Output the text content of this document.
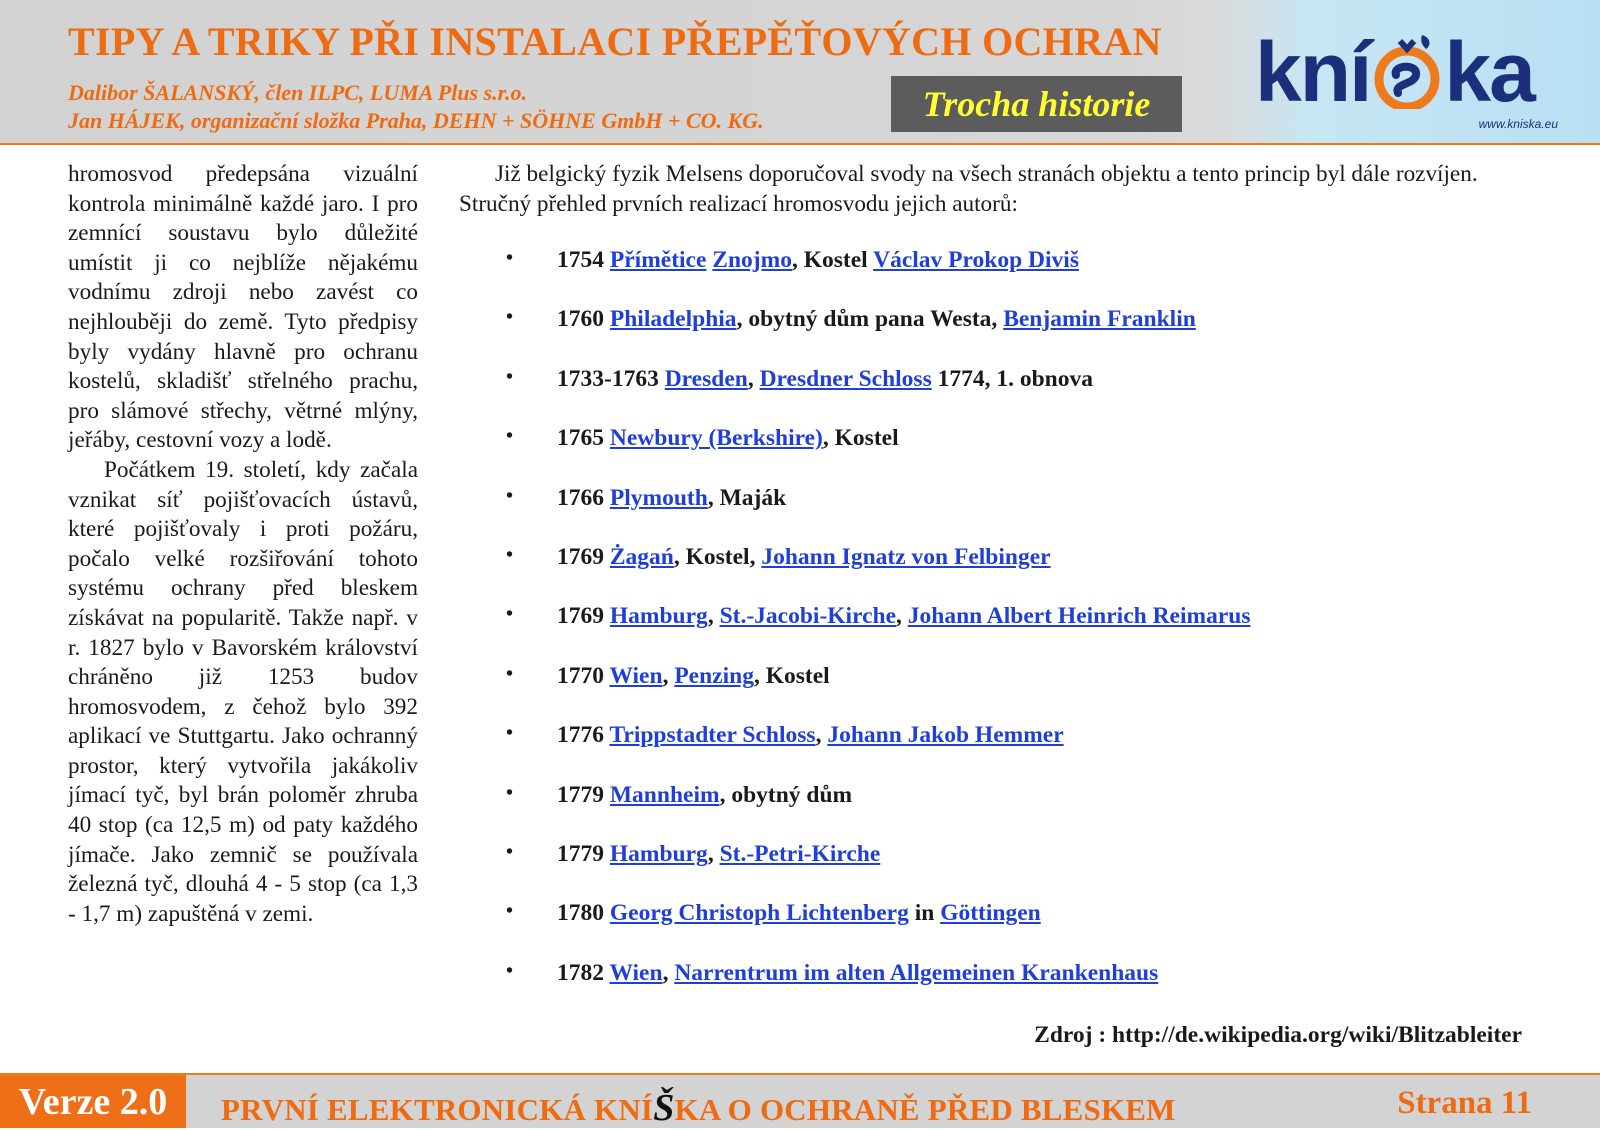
TIPY A TRIKY PŘI INSTALACI PŘEPĚŤOVÝCH OCHRAN
Dalibor ŠALANSKÝ, člen ILPC, LUMA Plus s.r.o.
Jan HÁJEK, organizační složka Praha, DEHN + SÖHNE GmbH + CO. KG.	Trocha historie	kní ka
www.kniska.eu

hromosvod předepsána vizuální kontrola minimálně každé jaro. I pro zemnící soustavu bylo důležité umístit ji co nejblíže nějakému vodnímu zdroji nebo zavést co nejhlouběji do země. Tyto předpisy byly vydány hlavně pro ochranu kostelů, skladišť střelného prachu, pro slámové střechy, větrné mlýny, jeřáby, cestovní vozy a lodě.

Počátkem 19. století, kdy začala vznikat síť pojišťovacích ústavů, které pojišťovaly i proti požáru, počalo velké rozšiřování tohoto systému ochrany před bleskem získávat na popularitě. Takže např. v r. 1827 bylo v Bavorském království chráněno již 1253 budov hromosvodem, z čehož bylo 392 aplikací ve Stuttgartu. Jako ochranný prostor, který vytvořila jakákoliv jímací tyč, byl brán poloměr zhruba 40 stop (ca 12,5 m) od paty každého jímače. Jako zemnič se používala železná tyč, dlouhá 4 - 5 stop (ca 1,3 - 1,7 m) zapuštěná v zemi.

Již belgický fyzik Melsens doporučoval svody na všech stranách objektu a tento princip byl dále rozvíjen. Stručný přehled prvních realizací hromosvodu jejich autorů:
• 1754 Přímětice Znojmo, Kostel Václav Prokop Diviš
• 1760 Philadelphia, obytný dům pana Westa, Benjamin Franklin
• 1733-1763 Dresden, Dresdner Schloss 1774, 1. obnova
• 1765 Newbury (Berkshire), Kostel
• 1766 Plymouth, Maják
• 1769 Żagań, Kostel, Johann Ignatz von Felbinger
• 1769 Hamburg, St.-Jacobi-Kirche, Johann Albert Heinrich Reimarus
• 1770 Wien, Penzing, Kostel
• 1776 Trippstadter Schloss, Johann Jakob Hemmer
• 1779 Mannheim, obytný dům
• 1779 Hamburg, St.-Petri-Kirche
• 1780 Georg Christoph Lichtenberg in Göttingen
• 1782 Wien, Narrentrum im alten Allgemeinen Krankenhaus
Zdroj : http://de.wikipedia.org/wiki/Blitzableiter
Verze 2.0	PRVNÍ ELEKTRONICKÁ KNÍŠKA O OCHRANĚ PŘED BLESKEM	Strana 11
